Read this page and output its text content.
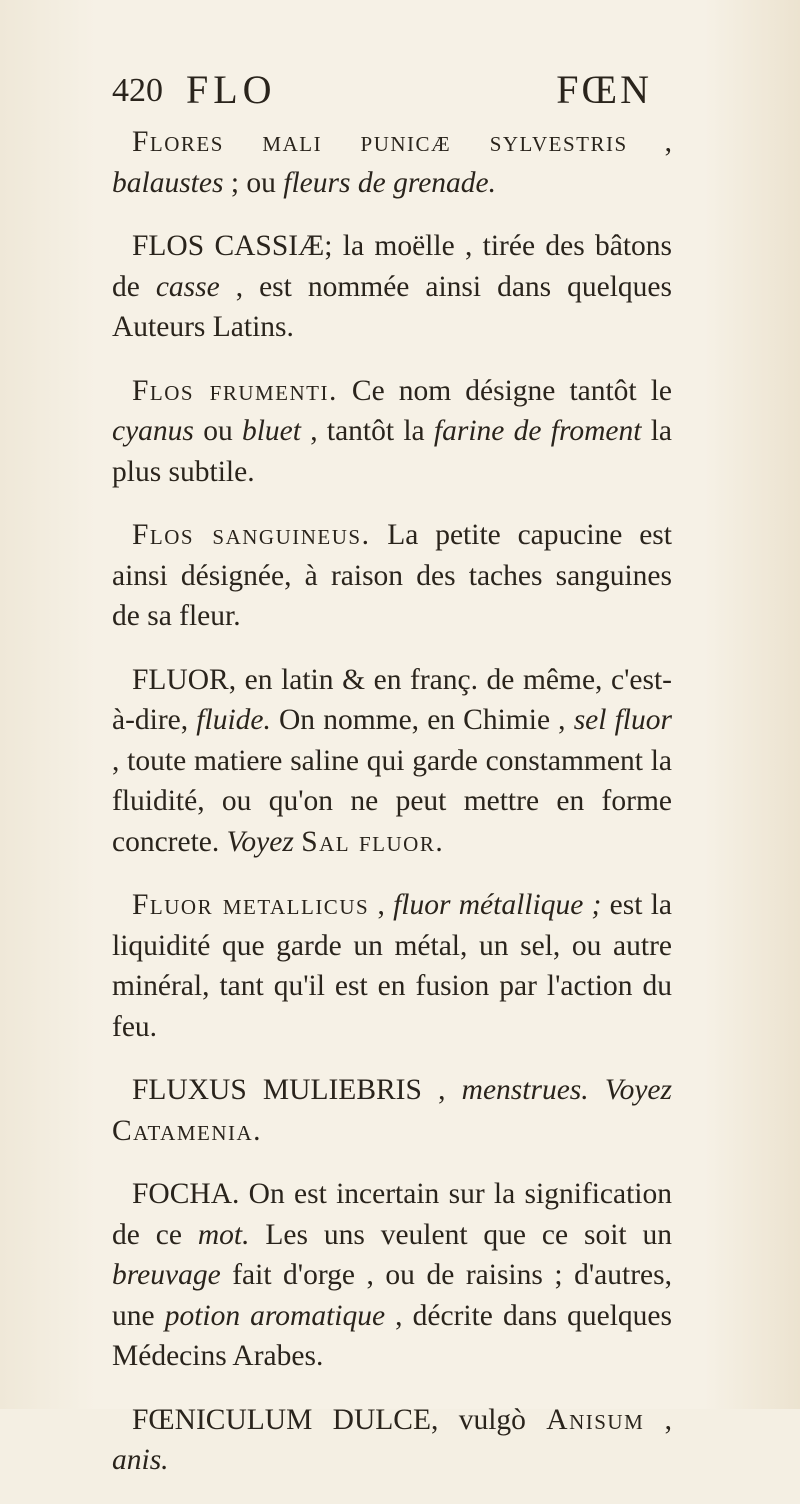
420 FLO	FŒN

Flores mali punicæ sylvestris , balaustes ; ou fleurs de grenade.

FLOS CASSIÆ; la moëlle , tirée des bâtons de casse , est nommée ainsi dans quelques Auteurs Latins.

Flos frumenti. Ce nom désigne tantôt le cyanus ou bluet , tantôt la farine de froment la plus subtile.

Flos sanguineus. La petite capucine est ainsi désignée, à raison des taches sanguines de sa fleur.

FLUOR, en latin & en franç. de même, c'est-à-dire, fluide. On nomme, en Chimie , sel fluor , toute matiere saline qui garde constamment la fluidité, ou qu'on ne peut mettre en forme concrete. Voyez Sal fluor.

Fluor metallicus , fluor métallique ; est la liquidité que garde un métal, un sel, ou autre minéral, tant qu'il est en fusion par l'action du feu.

FLUXUS MULIEBRIS , menstrues. Voyez Catamenia.

FOCHA. On est incertain sur la signification de ce mot. Les uns veulent que ce soit un breuvage fait d'orge , ou de raisins ; d'autres, une potion aromatique , décrite dans quelques Médecins Arabes.

FŒNICULUM DULCE, vulgò Anisum , anis.
